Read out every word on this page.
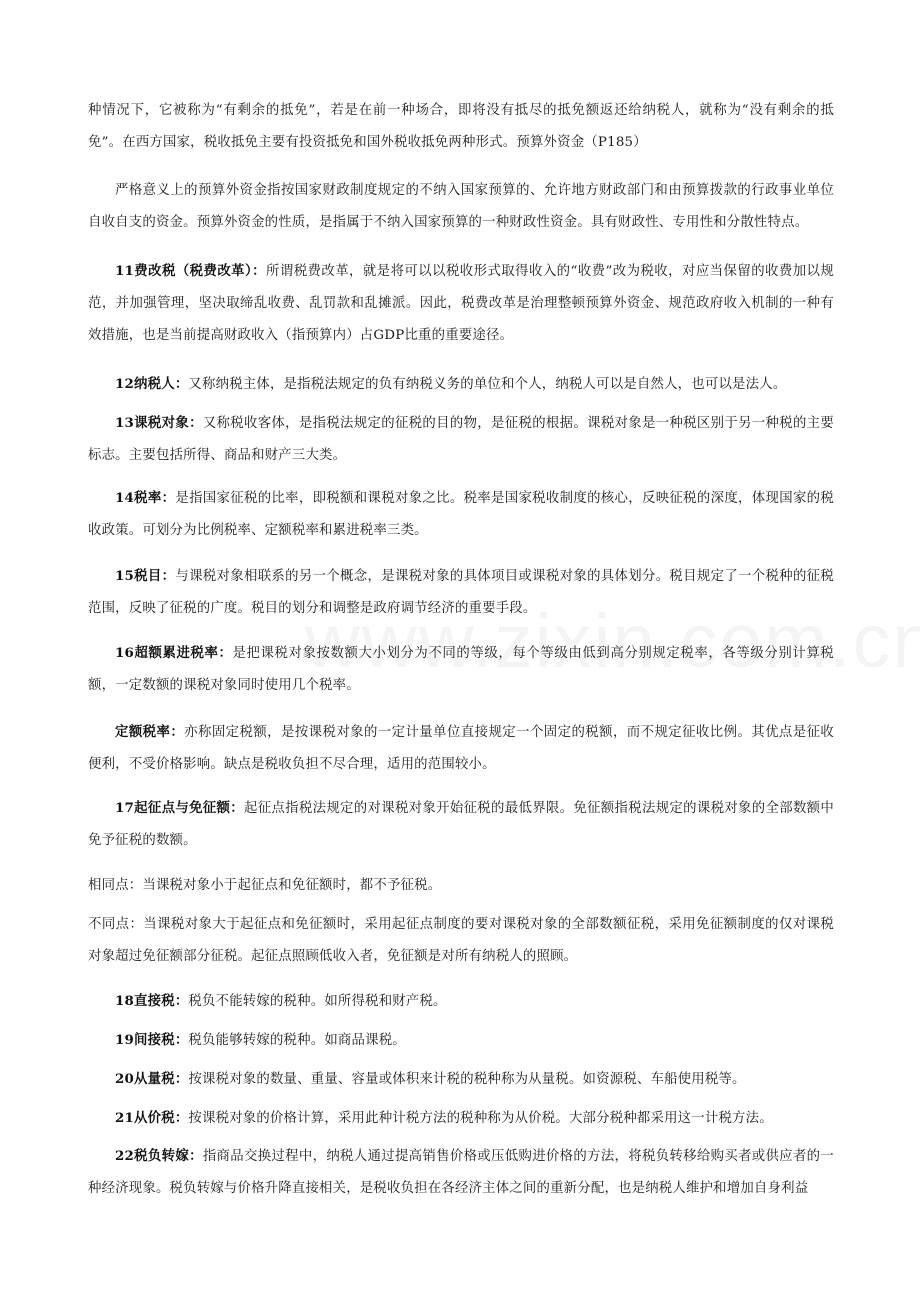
种情况下，它被称为“有剩余的抵免”，若是在前一种场合，即将没有抵尽的抵免额返还给纳税人，就称为“没有剩余的抵免”。在西方国家，税收抵免主要有投资抵免和国外税收抵免两种形式。预算外资金（P185）

严格意义上的预算外资金指按国家财政制度规定的不纳入国家预算的、允许地方财政部门和由预算拨款的行政事业单位自收自支的资金。预算外资金的性质，是指属于不纳入国家预算的一种财政性资金。具有财政性、专用性和分散性特点。

11费改税（税费改革）：所谓税费改革，就是将可以以税收形式取得收入的“收费”改为税收，对应当保留的收费加以规范，并加强管理，坚决取缔乱收费、乱罚款和乱摊派。因此，税费改革是治理整顿预算外资金、规范政府收入机制的一种有效措施，也是当前提高财政收入（指预算内）占GDP比重的重要途径。

12纳税人：又称纳税主体，是指税法规定的负有纳税义务的单位和个人，纳税人可以是自然人，也可以是法人。

13课税对象：又称税收客体，是指税法规定的征税的目的物，是征税的根据。课税对象是一种税区别于另一种税的主要标志。主要包括所得、商品和财产三大类。

14税率：是指国家征税的比率，即税额和课税对象之比。税率是国家税收制度的核心，反映征税的深度，体现国家的税收政策。可划分为比例税率、定额税率和累进税率三类。

15税目：与课税对象相联系的另一个概念，是课税对象的具体项目或课税对象的具体划分。税目规定了一个税种的征税范围，反映了征税的广度。税目的划分和调整是政府调节经济的重要手段。

16超额累进税率：是把课税对象按数额大小划分为不同的等级，每个等级由低到高分别规定税率，各等级分别计算税额，一定数额的课税对象同时使用几个税率。

定额税率：亦称固定税额，是按课税对象的一定计量单位直接规定一个固定的税额，而不规定征收比例。其优点是征收便利，不受价格影响。缺点是税收负担不尽合理，适用的范围较小。

17起征点与免征额：起征点指税法规定的对课税对象开始征税的最低界限。免征额指税法规定的课税对象的全部数额中免予征税的数额。

相同点：当课税对象小于起征点和免征额时，都不予征税。

不同点：当课税对象大于起征点和免征额时，采用起征点制度的要对课税对象的全部数额征税，采用免征额制度的仅对课税对象超过免征额部分征税。起征点照顾低收入者，免征额是对所有纳税人的照顾。

18直接税：税负不能转嫁的税种。如所得税和财产税。

19间接税：税负能够转嫁的税种。如商品课税。

20从量税：按课税对象的数量、重量、容量或体积来计税的税种称为从量税。如资源税、车船使用税等。

21从价税：按课税对象的价格计算，采用此种计税方法的税种称为从价税。大部分税种都采用这一计税方法。

22税负转嫁：指商品交换过程中，纳税人通过提高销售价格或压低购进价格的方法，将税负转移给购买者或供应者的一种经济现象。税负转嫁与价格升降直接相关，是税收负担在各经济主体之间的重新分配，也是纳税人维护和增加自身利益
